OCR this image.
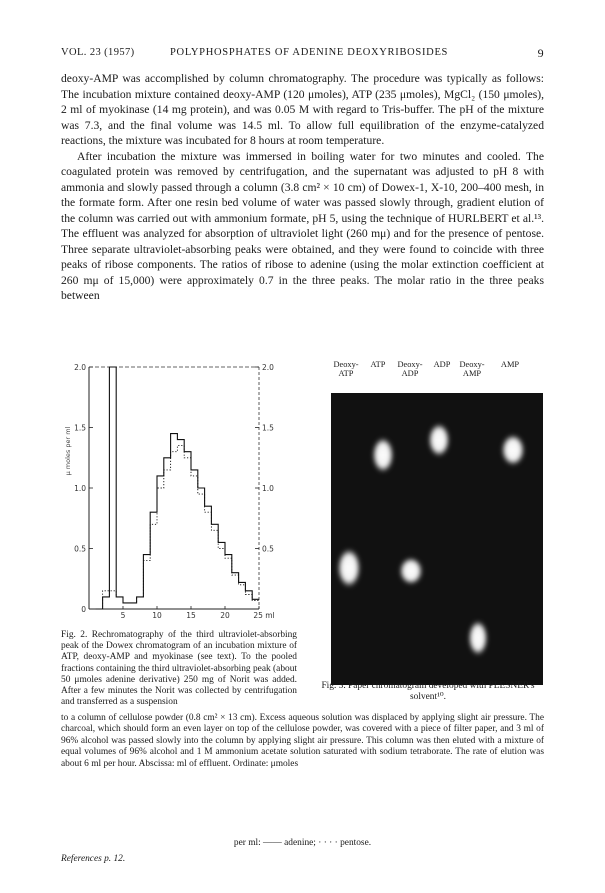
VOL. 23 (1957)	POLYPHOSPHATES OF ADENINE DEOXYRIBOSIDES	9

deoxy-AMP was accomplished by column chromatography. The procedure was typically as follows: The incubation mixture contained deoxy-AMP (120 μmoles), ATP (235 μmoles), MgCl₂ (150 μmoles), 2 ml of myokinase (14 mg protein), and was 0.05 M with regard to Tris-buffer. The pH of the mixture was 7.3, and the final volume was 14.5 ml. To allow full equilibration of the enzyme-catalyzed reactions, the mixture was incubated for 8 hours at room temperature.

After incubation the mixture was immersed in boiling water for two minutes and cooled. The coagulated protein was removed by centrifugation, and the supernatant was adjusted to pH 8 with ammonia and slowly passed through a column (3.8 cm² × 10 cm) of Dowex-1, X-10, 200–400 mesh, in the formate form. After one resin bed volume of water was passed slowly through, gradient elution of the column was carried out with ammonium formate, pH 5, using the technique of HURLBERT et al.¹³. The effluent was analyzed for absorption of ultraviolet light (260 mμ) and for the presence of pentose. Three separate ultraviolet-absorbing peaks were obtained, and they were found to coincide with three peaks of ribose components. The ratios of ribose to adenine (using the molar extinction coefficient at 260 mμ of 15,000) were approximately 0.7 in the three peaks. The molar ratio in the three peaks between

0
0.5
1.0
1.5
2.0
0.5
1.0
1.5
2.0
5	10	15	20	25 ml
μ moles per ml
Deoxy-
ATP
ATP	Deoxy-
ADP
ADP	Deoxy-
AMP
AMP

Fig. 2. Rechromatography of the third ultraviolet-absorbing peak of the Dowex chromatogram of an incubation mixture of ATP, deoxy-AMP and myokinase (see text). To the pooled fractions containing the third ultraviolet-absorbing peak (about 50 μmoles adenine derivative) 250 mg of Norit was added. After a few minutes the Norit was collected by centrifugation and transferred as a suspension

Fig. 3. Paper chromatogram developed with PLESNER's solvent¹⁰.
to a column of cellulose powder (0.8 cm² × 13 cm). Excess aqueous solution was displaced by applying slight air pressure. The charcoal, which should form an even layer on top of the cellulose powder, was covered with a piece of filter paper, and 3 ml of 96% alcohol was passed slowly into the column by applying slight air pressure. This column was then eluted with a mixture of equal volumes of 96% alcohol and 1 M ammonium acetate solution saturated with sodium tetraborate. The rate of elution was about 6 ml per hour. Abscissa: ml of effluent. Ordinate: μmoles
per ml: —— adenine; · · · · pentose.
References p. 12.
